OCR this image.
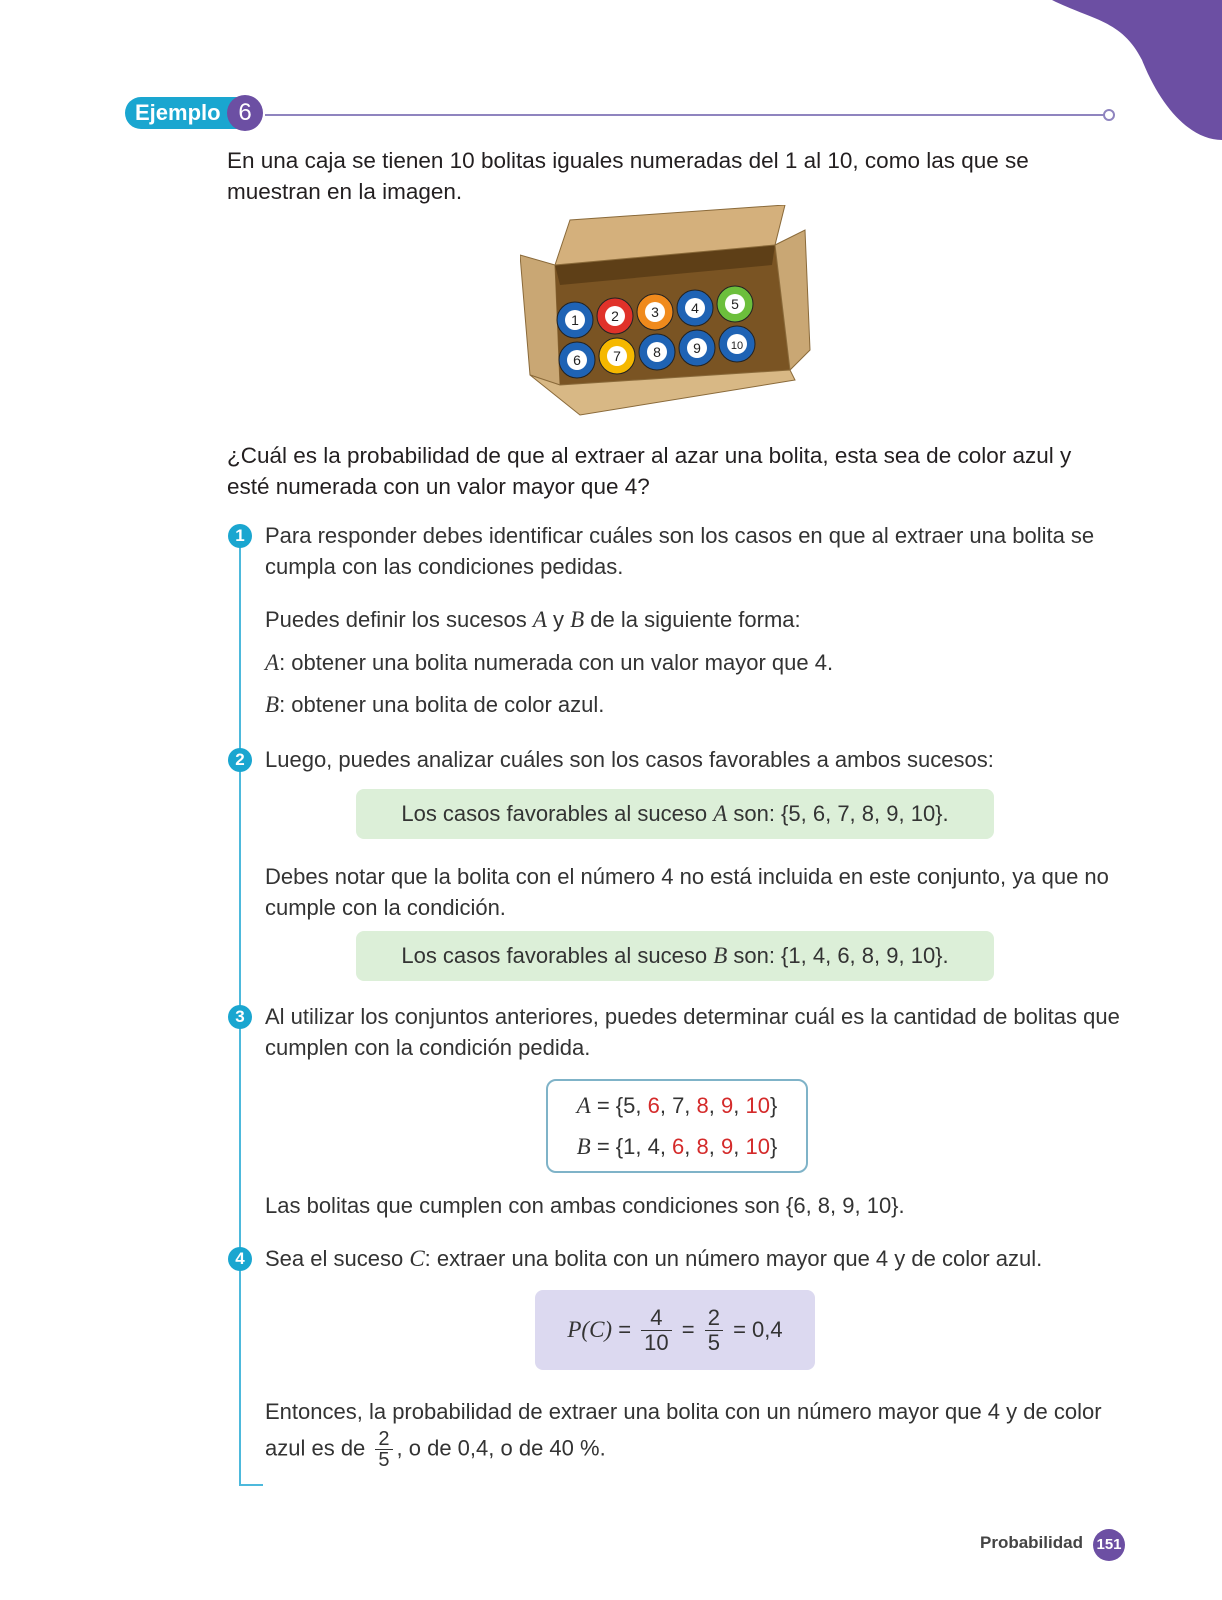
Ejemplo 6
En una caja se tienen 10 bolitas iguales numeradas del 1 al 10, como las que se muestran en la imagen.
1 2 3 4 5
6 7 8 9	10
¿Cuál es la probabilidad de que al extraer al azar una bolita, esta sea de color azul y esté numerada con un valor mayor que 4?
1 Para responder debes identificar cuáles son los casos en que al extraer una bolita se cumpla con las condiciones pedidas.
Puedes definir los sucesos A y B de la siguiente forma:
A: obtener una bolita numerada con un valor mayor que 4.
B: obtener una bolita de color azul.
2 Luego, puedes analizar cuáles son los casos favorables a ambos sucesos:
Los casos favorables al suceso A son: {5, 6, 7, 8, 9, 10}.
Debes notar que la bolita con el número 4 no está incluida en este conjunto, ya que no cumple con la condición.
Los casos favorables al suceso B son: {1, 4, 6, 8, 9, 10}.
3 Al utilizar los conjuntos anteriores, puedes determinar cuál es la cantidad de bolitas que cumplen con la condición pedida.
A = {5, 6, 7, 8, 9, 10}
B = {1, 4, 6, 8, 9, 10}
Las bolitas que cumplen con ambas condiciones son {6, 8, 9, 10}.
4 Sea el suceso C: extraer una bolita con un número mayor que 4 y de color azul.
$P(C) = \frac{4}{10} = \frac{2}{5} = 0,4$
Entonces, la probabilidad de extraer una bolita con un número mayor que 4 y de color azul es de $\frac{2}{5}$ , o de 0,4, o de 40 %.
Probabilidad 151
